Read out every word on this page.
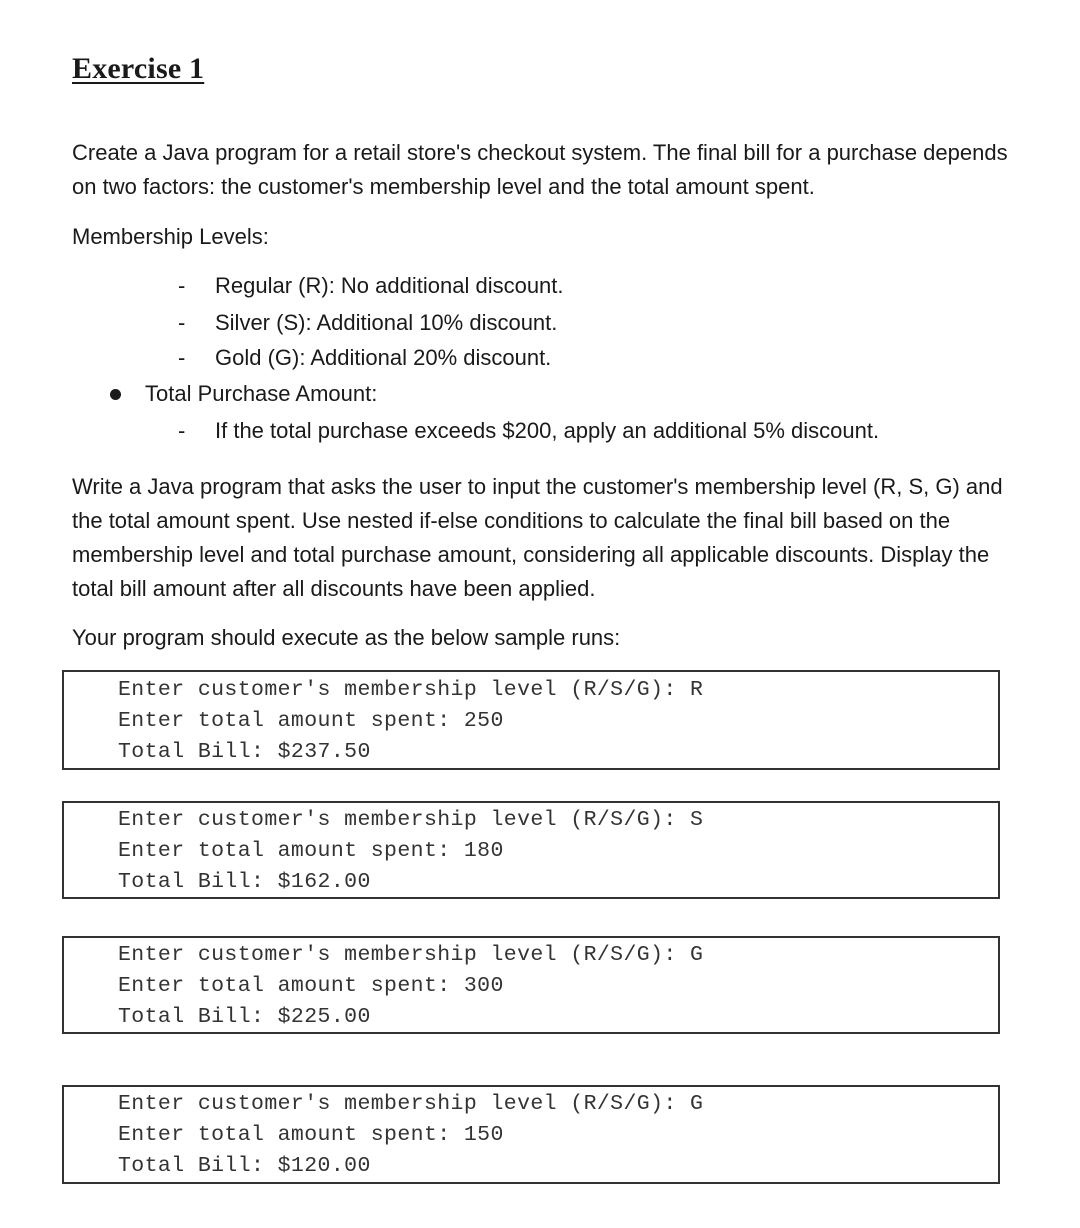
Exercise 1

Create a Java program for a retail store's checkout system. The final bill for a purchase depends on two factors: the customer's membership level and the total amount spent.

Membership Levels:

- Regular (R): No additional discount.

- Silver (S): Additional 10% discount.

- Gold (G): Additional 20% discount.

Total Purchase Amount:

- If the total purchase exceeds $200, apply an additional 5% discount.

Write a Java program that asks the user to input the customer's membership level (R, S, G) and the total amount spent. Use nested if-else conditions to calculate the final bill based on the membership level and total purchase amount, considering all applicable discounts. Display the total bill amount after all discounts have been applied.

Your program should execute as the below sample runs:

Enter customer's membership level (R/S/G): R

Enter total amount spent: 250

Total Bill: $237.50

Enter customer's membership level (R/S/G): S

Enter total amount spent: 180

Total Bill: $162.00

Enter customer's membership level (R/S/G): G

Enter total amount spent: 300

Total Bill: $225.00

Enter customer's membership level (R/S/G): G

Enter total amount spent: 150

Total Bill: $120.00
